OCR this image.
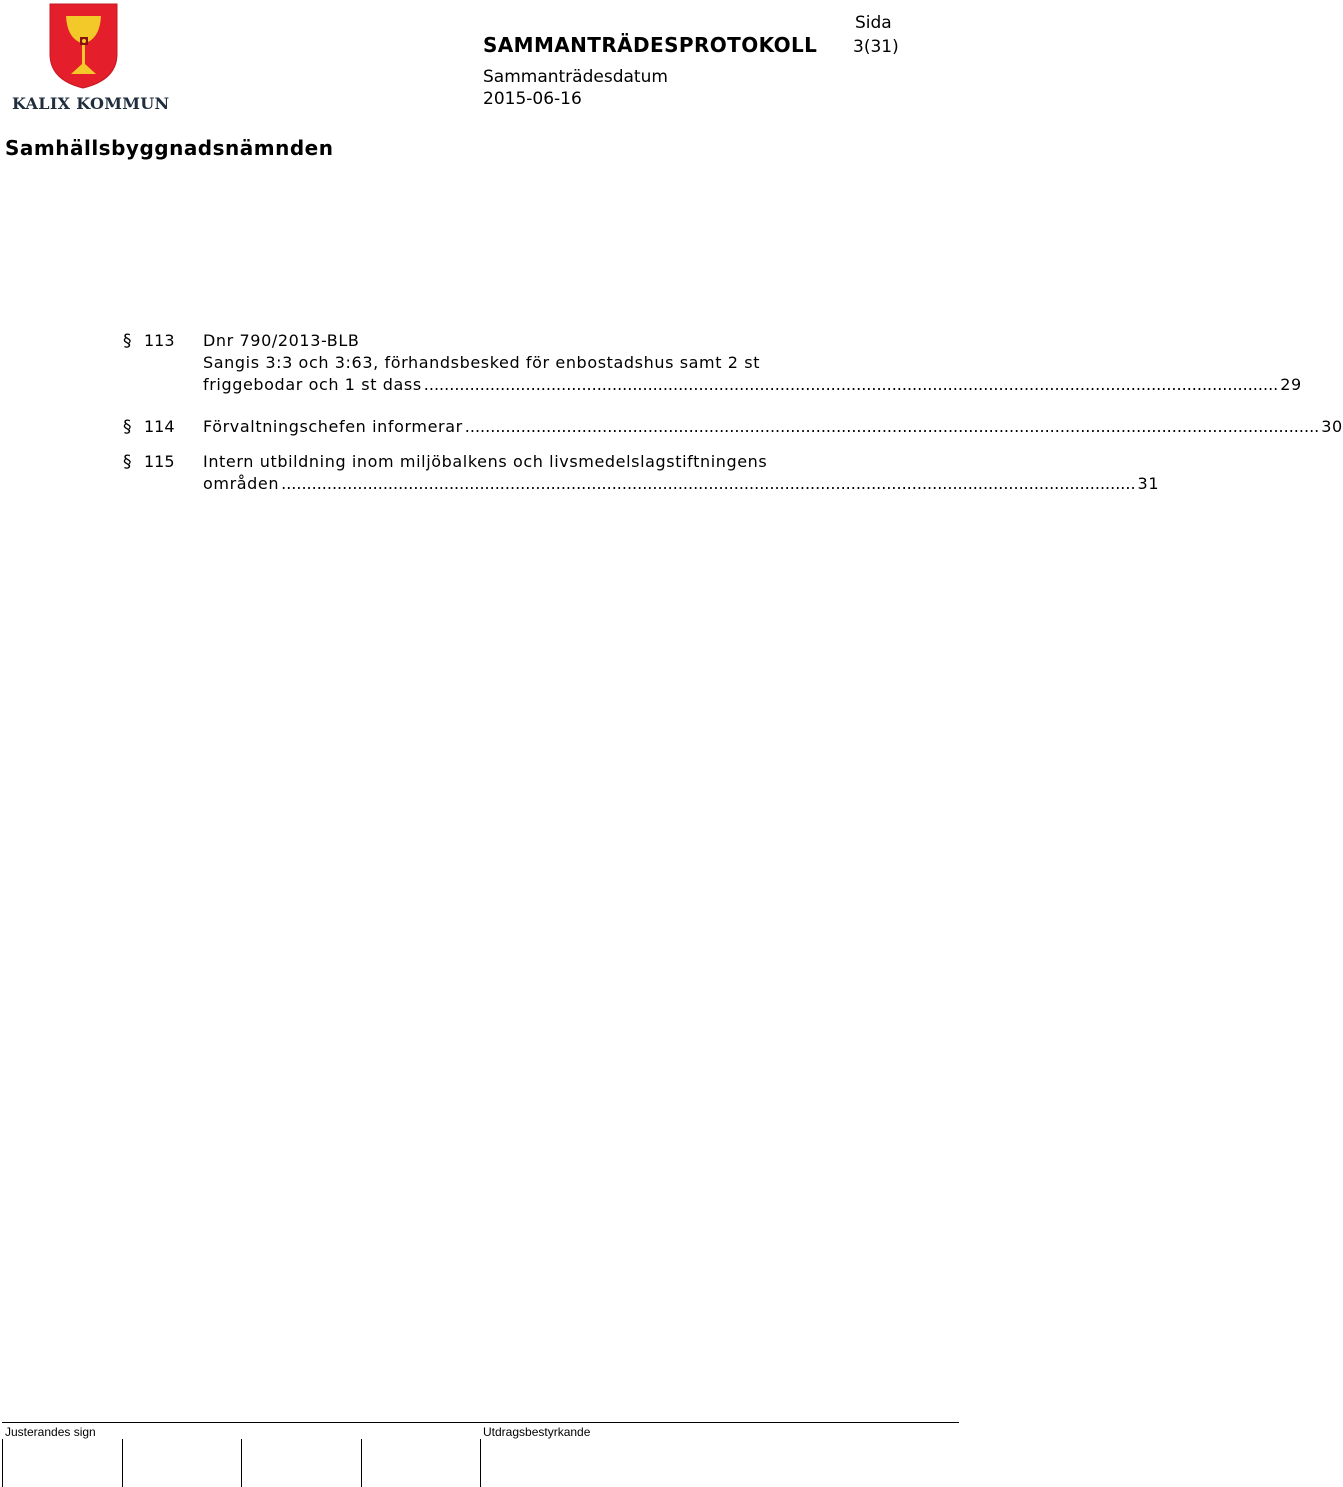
KALIX KOMMUN
SAMMANTRÄDESPROTOKOLL
Sida
3(31)
Sammanträdesdatum
2015-06-16
Samhällsbyggnadsnämnden
§ 113 Dnr 790/2013-BLB
Sangis 3:3 och 3:63, förhandsbesked för enbostadshus samt 2 st
friggebodar och 1 st dass ........................................................................................................................................................................ 29
§ 114 Förvaltningschefen informerar ........................................................................................................................................................................ 30
§ 115 Intern utbildning inom miljöbalkens och livsmedelslagstiftningens
områden ........................................................................................................................................................................ 31
Justerandes sign	Utdragsbestyrkande
